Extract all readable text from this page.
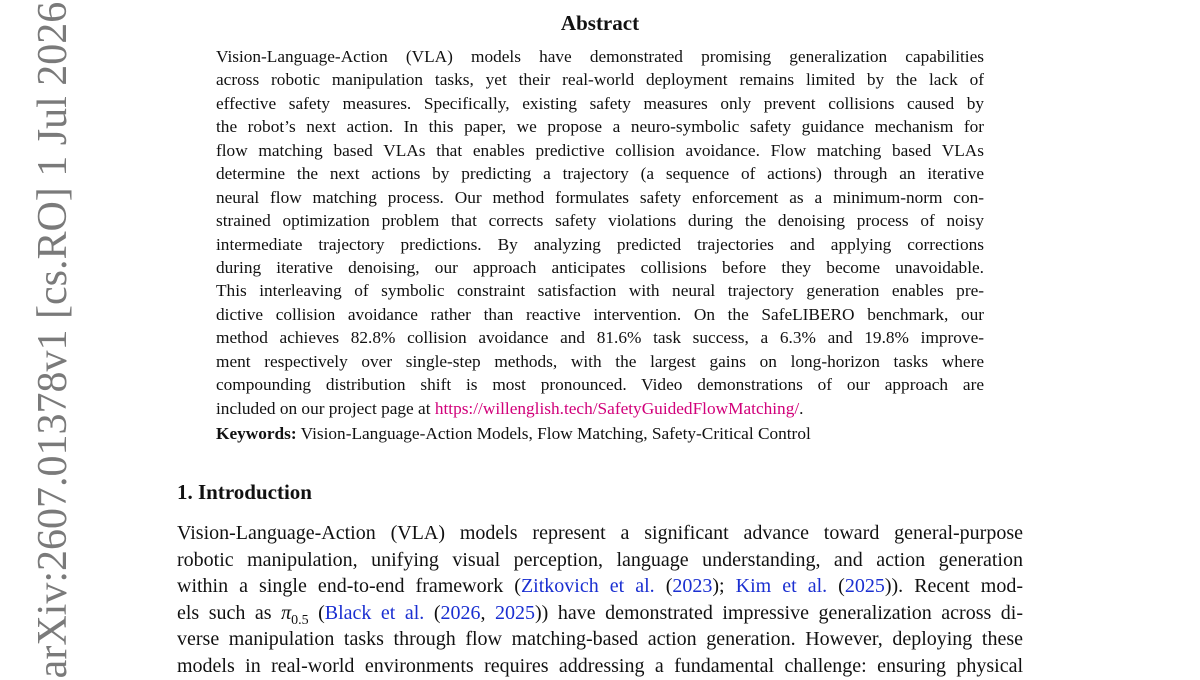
arXiv:2607.01378v1 [cs.RO] 1 Jul 2026	Abstract
Vision-Language-Action (VLA) models have demonstrated promising generalization capabilities
across robotic manipulation tasks, yet their real-world deployment remains limited by the lack of
effective safety measures. Specifically, existing safety measures only prevent collisions caused by
the robot’s next action. In this paper, we propose a neuro-symbolic safety guidance mechanism for
flow matching based VLAs that enables predictive collision avoidance. Flow matching based VLAs
determine the next actions by predicting a trajectory (a sequence of actions) through an iterative
neural flow matching process. Our method formulates safety enforcement as a minimum-norm con-
strained optimization problem that corrects safety violations during the denoising process of noisy
intermediate trajectory predictions. By analyzing predicted trajectories and applying corrections
during iterative denoising, our approach anticipates collisions before they become unavoidable.
This interleaving of symbolic constraint satisfaction with neural trajectory generation enables pre-
dictive collision avoidance rather than reactive intervention. On the SafeLIBERO benchmark, our
method achieves 82.8% collision avoidance and 81.6% task success, a 6.3% and 19.8% improve-
ment respectively over single-step methods, with the largest gains on long-horizon tasks where
compounding distribution shift is most pronounced. Video demonstrations of our approach are
included on our project page at https://willenglish.tech/SafetyGuidedFlowMatching/.
Keywords: Vision-Language-Action Models, Flow Matching, Safety-Critical Control
1. Introduction
Vision-Language-Action (VLA) models represent a significant advance toward general-purpose
robotic manipulation, unifying visual perception, language understanding, and action generation
within a single end-to-end framework (Zitkovich et al. (2023); Kim et al. (2025)). Recent mod-
els such as $\pi_{0.5}$ (Black et al. (2026, 2025)) have demonstrated impressive generalization across di-
verse manipulation tasks through flow matching-based action generation. However, deploying these
models in real-world environments requires addressing a fundamental challenge: ensuring physical
